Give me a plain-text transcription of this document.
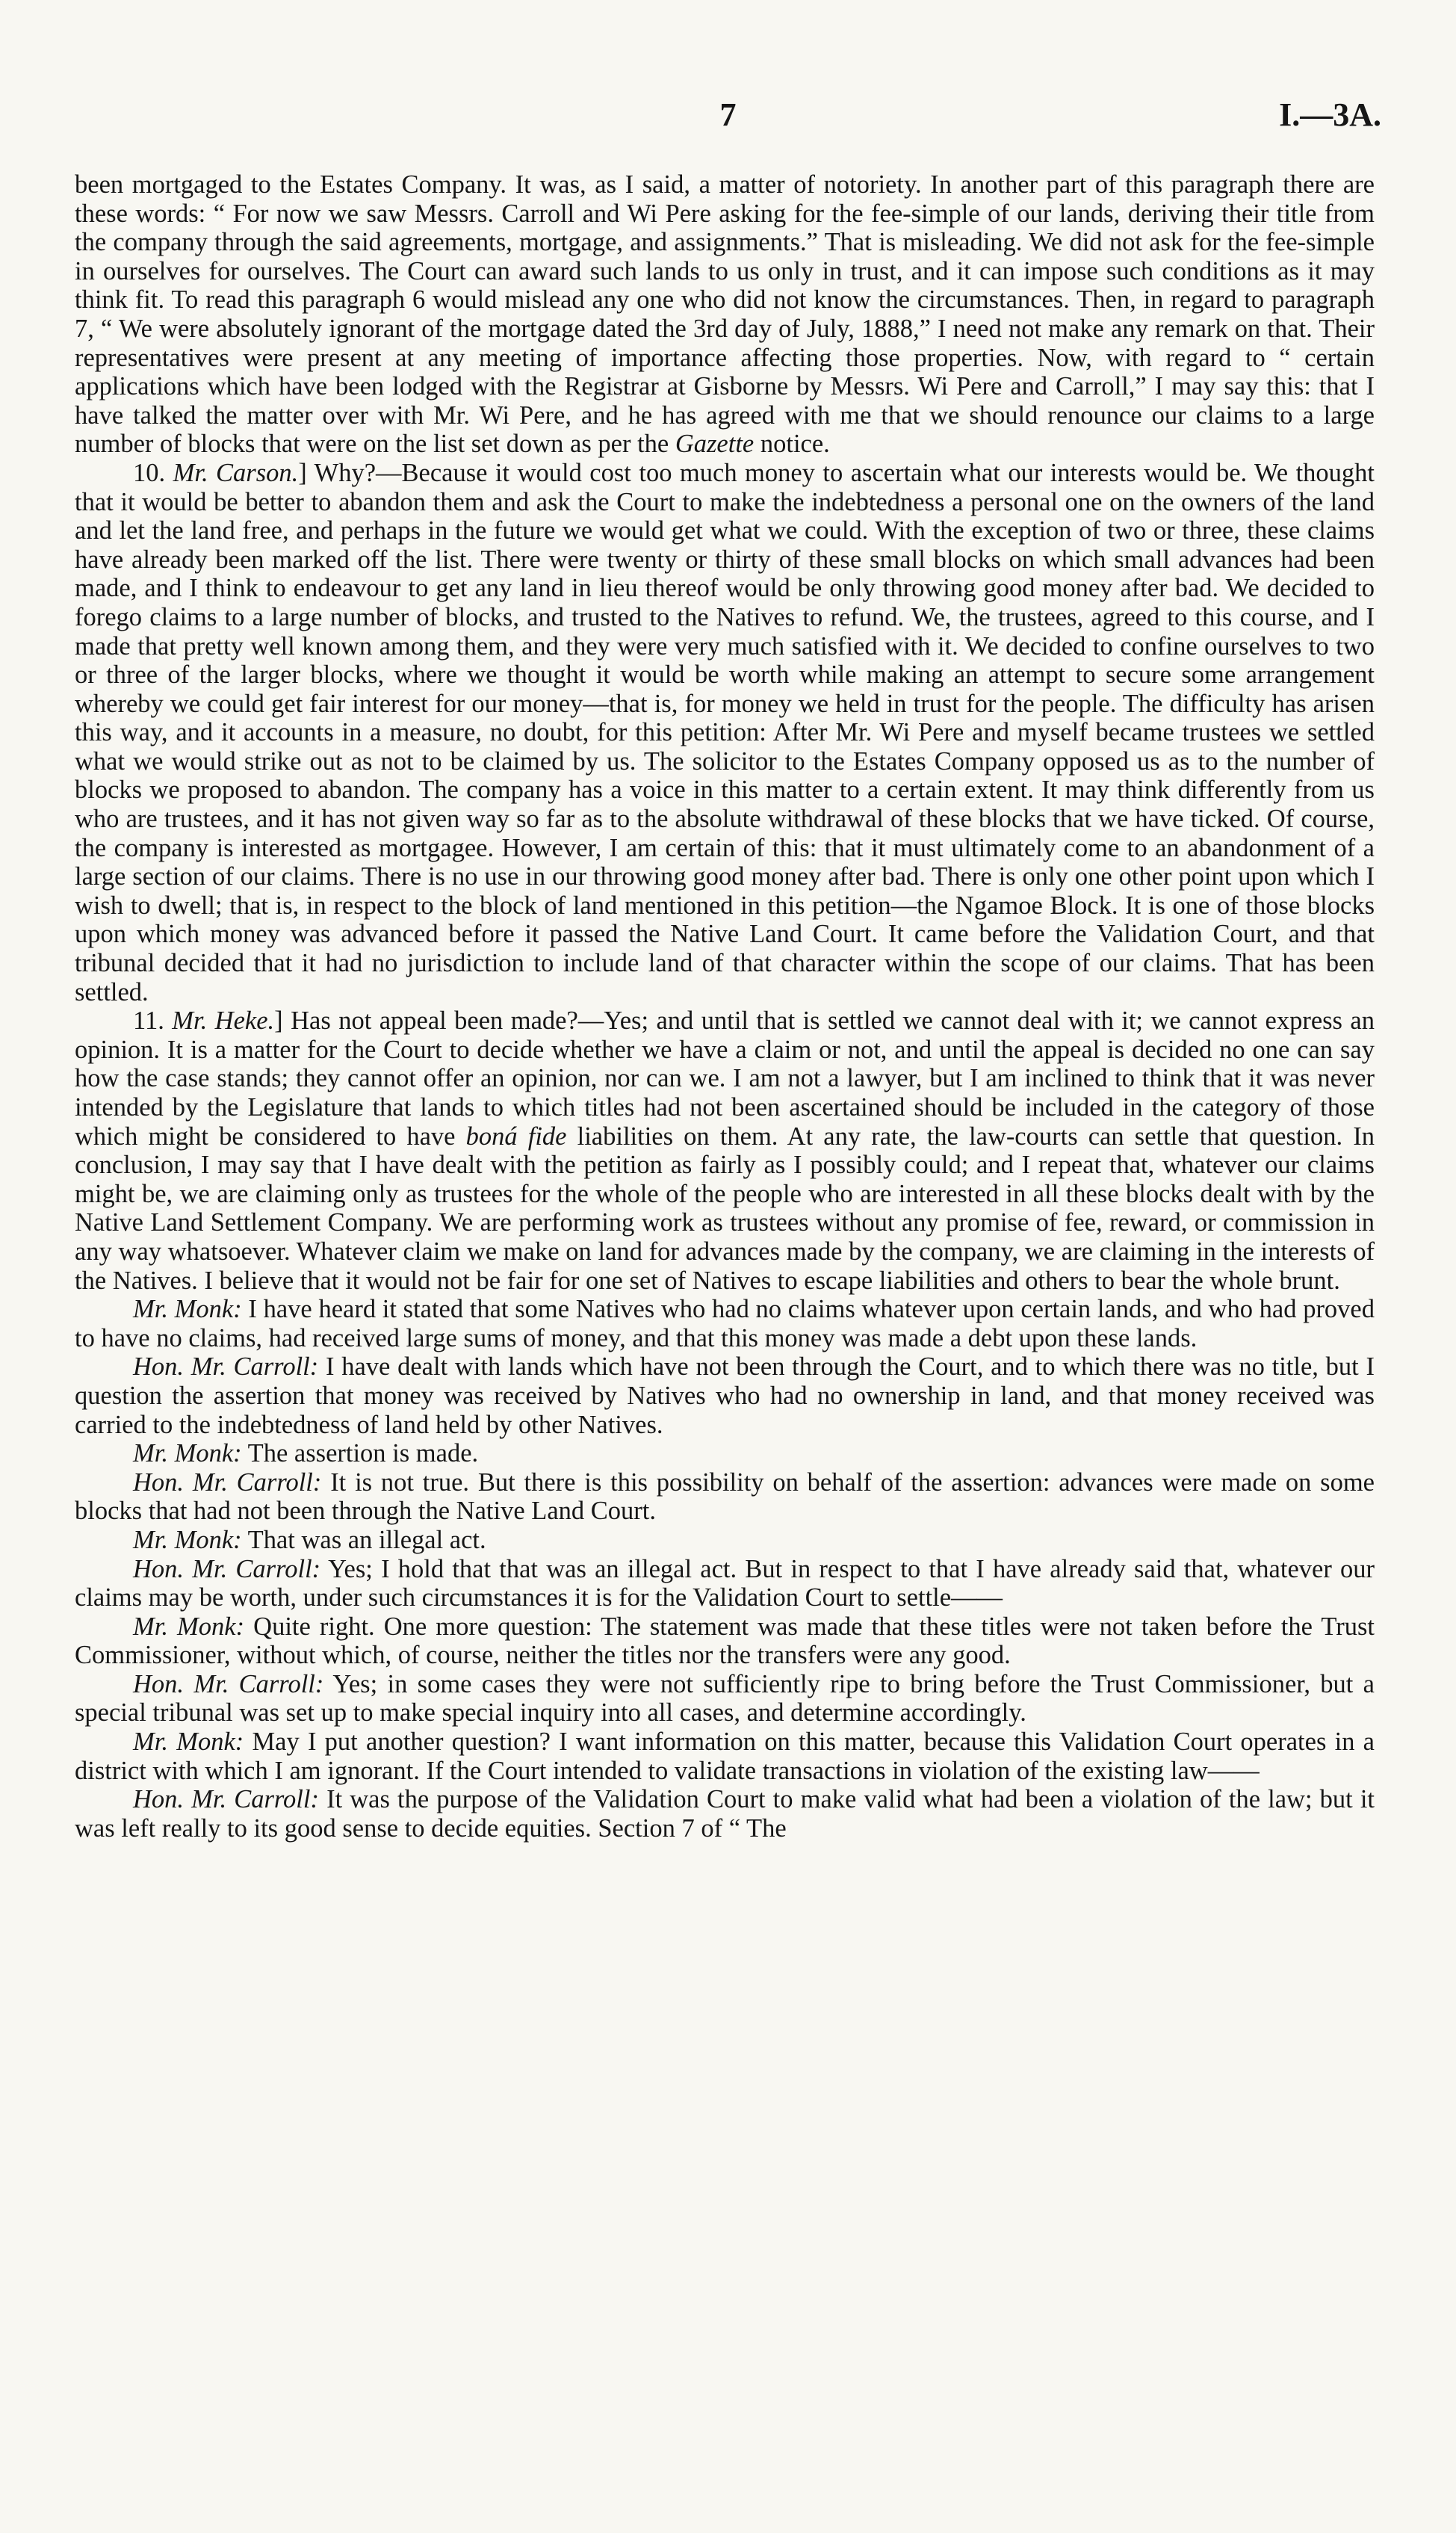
7	I.—3A.

been mortgaged to the Estates Company. It was, as I said, a matter of notoriety. In another part of this paragraph there are these words: “ For now we saw Messrs. Carroll and Wi Pere asking for the fee-simple of our lands, deriving their title from the company through the said agreements, mortgage, and assignments.” That is misleading. We did not ask for the fee-simple in ourselves for ourselves. The Court can award such lands to us only in trust, and it can impose such conditions as it may think fit. To read this paragraph 6 would mislead any one who did not know the circumstances. Then, in regard to paragraph 7, “ We were absolutely ignorant of the mortgage dated the 3rd day of July, 1888,” I need not make any remark on that. Their representatives were present at any meeting of importance affecting those properties. Now, with regard to “ certain applications which have been lodged with the Registrar at Gisborne by Messrs. Wi Pere and Carroll,” I may say this: that I have talked the matter over with Mr. Wi Pere, and he has agreed with me that we should renounce our claims to a large number of blocks that were on the list set down as per the Gazette notice.

10. Mr. Carson.] Why?—Because it would cost too much money to ascertain what our interests would be. We thought that it would be better to abandon them and ask the Court to make the indebtedness a personal one on the owners of the land and let the land free, and perhaps in the future we would get what we could. With the exception of two or three, these claims have already been marked off the list. There were twenty or thirty of these small blocks on which small advances had been made, and I think to endeavour to get any land in lieu thereof would be only throwing good money after bad. We decided to forego claims to a large number of blocks, and trusted to the Natives to refund. We, the trustees, agreed to this course, and I made that pretty well known among them, and they were very much satisfied with it. We decided to confine ourselves to two or three of the larger blocks, where we thought it would be worth while making an attempt to secure some arrangement whereby we could get fair interest for our money—that is, for money we held in trust for the people. The difficulty has arisen this way, and it accounts in a measure, no doubt, for this petition: After Mr. Wi Pere and myself became trustees we settled what we would strike out as not to be claimed by us. The solicitor to the Estates Company opposed us as to the number of blocks we proposed to abandon. The company has a voice in this matter to a certain extent. It may think differently from us who are trustees, and it has not given way so far as to the absolute withdrawal of these blocks that we have ticked. Of course, the company is interested as mortgagee. However, I am certain of this: that it must ultimately come to an abandonment of a large section of our claims. There is no use in our throwing good money after bad. There is only one other point upon which I wish to dwell; that is, in respect to the block of land mentioned in this petition—the Ngamoe Block. It is one of those blocks upon which money was advanced before it passed the Native Land Court. It came before the Validation Court, and that tribunal decided that it had no jurisdiction to include land of that character within the scope of our claims. That has been settled.

11. Mr. Heke.] Has not appeal been made?—Yes; and until that is settled we cannot deal with it; we cannot express an opinion. It is a matter for the Court to decide whether we have a claim or not, and until the appeal is decided no one can say how the case stands; they cannot offer an opinion, nor can we. I am not a lawyer, but I am inclined to think that it was never intended by the Legislature that lands to which titles had not been ascertained should be included in the category of those which might be considered to have boná fide liabilities on them. At any rate, the law-courts can settle that question. In conclusion, I may say that I have dealt with the petition as fairly as I possibly could; and I repeat that, whatever our claims might be, we are claiming only as trustees for the whole of the people who are interested in all these blocks dealt with by the Native Land Settlement Company. We are performing work as trustees without any promise of fee, reward, or commission in any way whatsoever. Whatever claim we make on land for advances made by the company, we are claiming in the interests of the Natives. I believe that it would not be fair for one set of Natives to escape liabilities and others to bear the whole brunt.

Mr. Monk: I have heard it stated that some Natives who had no claims whatever upon certain lands, and who had proved to have no claims, had received large sums of money, and that this money was made a debt upon these lands.

Hon. Mr. Carroll: I have dealt with lands which have not been through the Court, and to which there was no title, but I question the assertion that money was received by Natives who had no ownership in land, and that money received was carried to the indebtedness of land held by other Natives.

Mr. Monk: The assertion is made.

Hon. Mr. Carroll: It is not true. But there is this possibility on behalf of the assertion: advances were made on some blocks that had not been through the Native Land Court.

Mr. Monk: That was an illegal act.

Hon. Mr. Carroll: Yes; I hold that that was an illegal act. But in respect to that I have already said that, whatever our claims may be worth, under such circumstances it is for the Validation Court to settle——

Mr. Monk: Quite right. One more question: The statement was made that these titles were not taken before the Trust Commissioner, without which, of course, neither the titles nor the transfers were any good.

Hon. Mr. Carroll: Yes; in some cases they were not sufficiently ripe to bring before the Trust Commissioner, but a special tribunal was set up to make special inquiry into all cases, and determine accordingly.

Mr. Monk: May I put another question? I want information on this matter, because this Validation Court operates in a district with which I am ignorant. If the Court intended to validate transactions in violation of the existing law——

Hon. Mr. Carroll: It was the purpose of the Validation Court to make valid what had been a violation of the law; but it was left really to its good sense to decide equities. Section 7 of “ The
